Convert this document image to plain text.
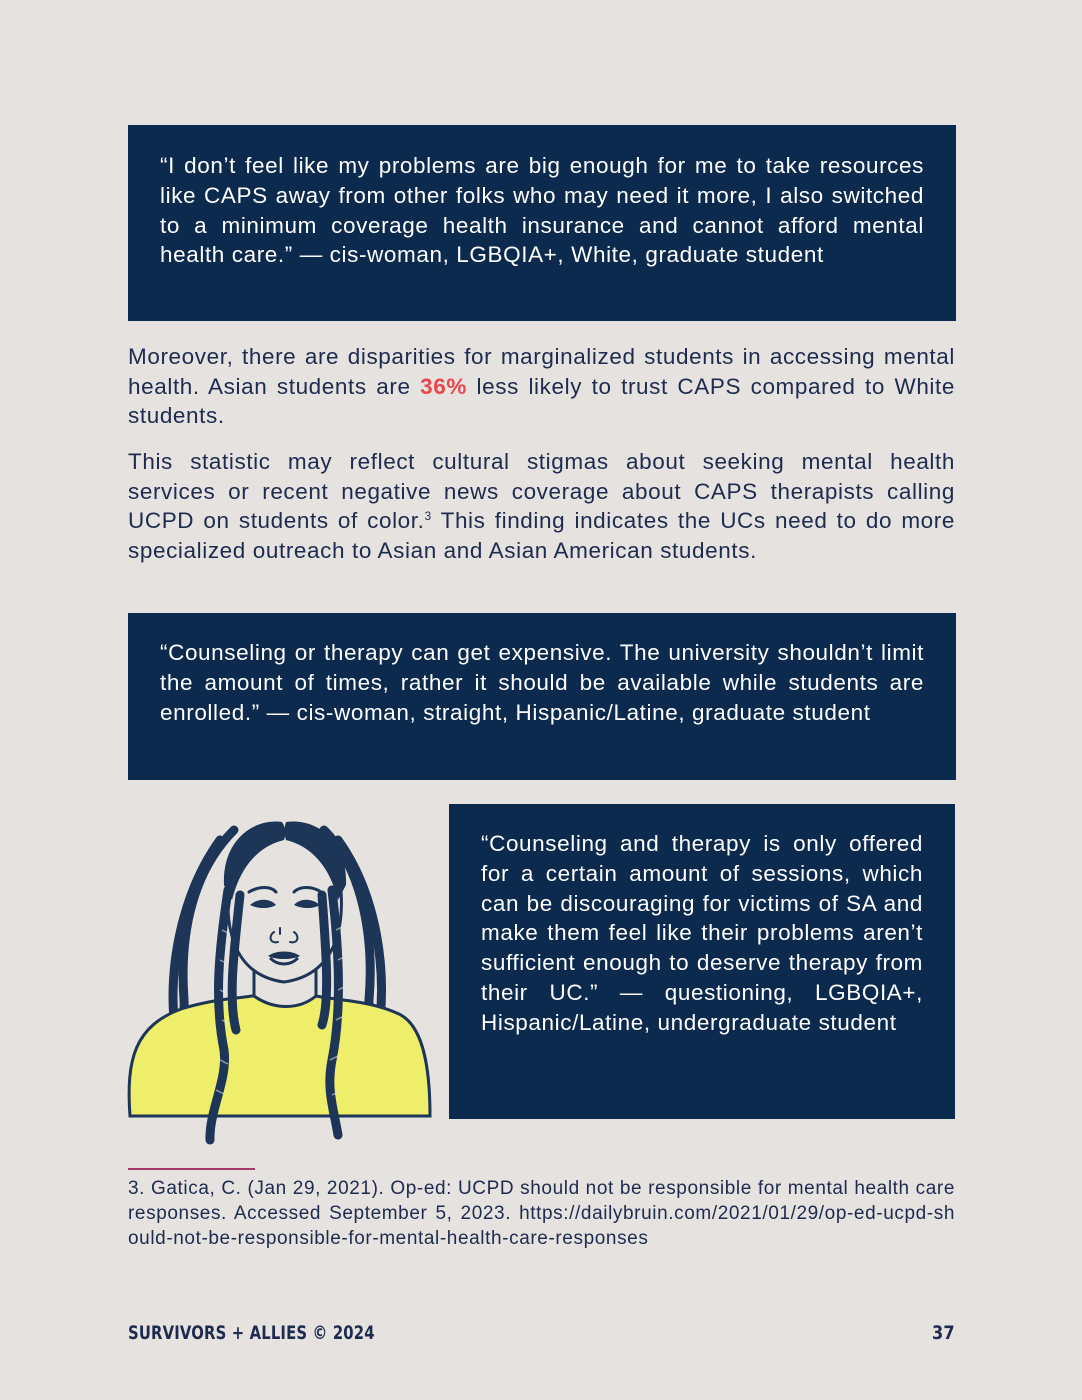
“I don’t feel like my problems are big enough for me to take resources like CAPS away from other folks who may need it more, I also switched to a minimum coverage health insurance and cannot afford mental health care.” — cis-woman, LGBQIA+, White, graduate student

Moreover, there are disparities for marginalized students in accessing mental health. Asian students are 36% less likely to trust CAPS compared to White students.

This statistic may reflect cultural stigmas about seeking mental health services or recent negative news coverage about CAPS therapists calling UCPD on students of color.$^3$ This finding indicates the UCs need to do more specialized outreach to Asian and Asian American students.

“Counseling or therapy can get expensive. The university shouldn’t limit the amount of times, rather it should be available while students are enrolled.” — cis-woman, straight, Hispanic/Latine, graduate student
“Counseling and therapy is only offered for a certain amount of sessions, which can be discouraging for victims of SA and make them feel like their problems aren’t sufficient enough to deserve therapy from their UC.” — questioning, LGBQIA+, Hispanic/Latine, undergraduate student

3. Gatica, C. (Jan 29, 2021). Op-ed: UCPD should not be responsible for mental health care responses. Accessed September 5, 2023. https://dailybruin.com/2021/01/29/op-ed-ucpd-should-not-be-responsible-for-mental-health-care-responses

SURVIVORS + ALLIES © 2024	37
